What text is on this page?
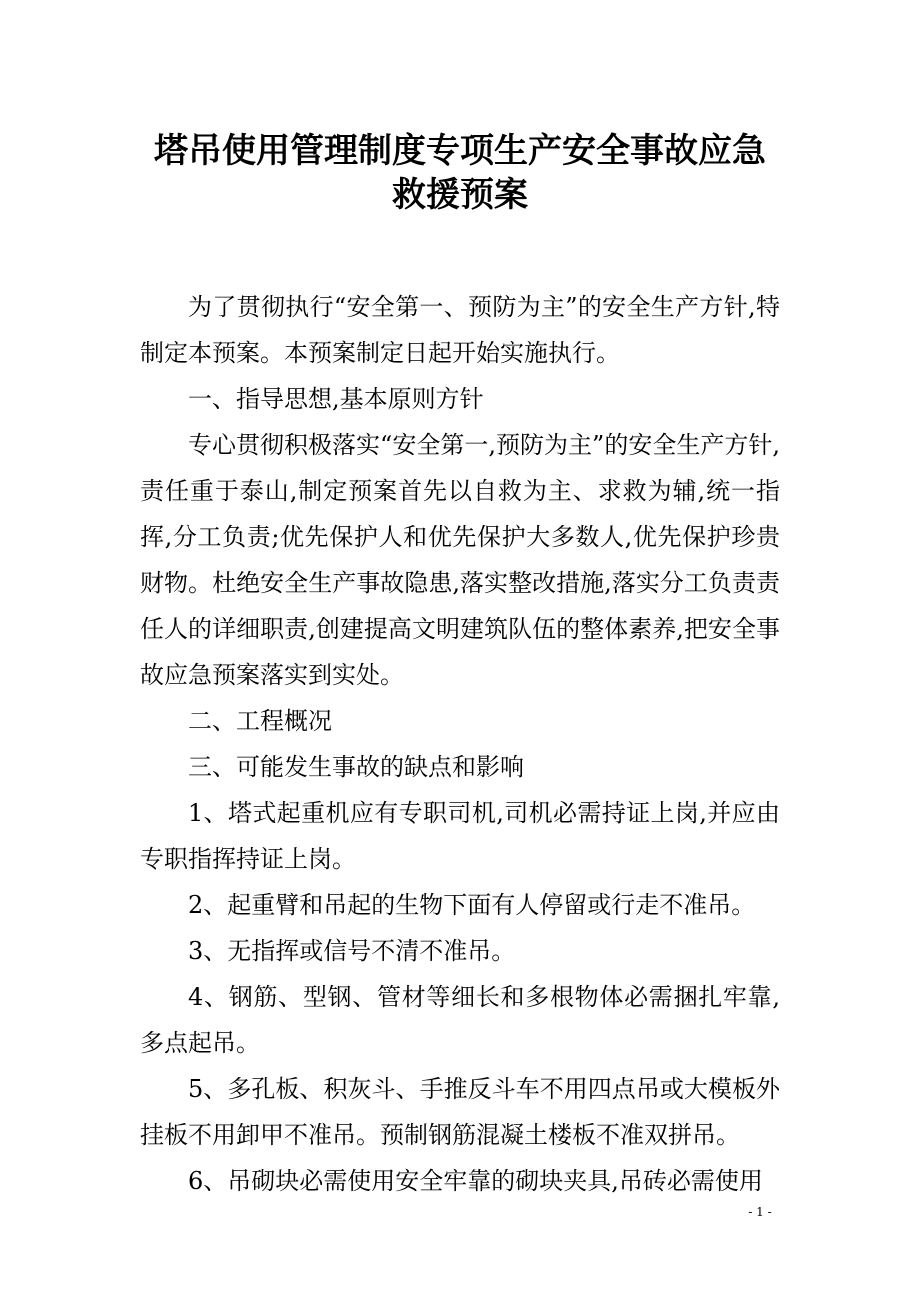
塔吊使用管理制度专项生产安全事故应急
救援预案

为了贯彻执行“安全第一、预防为主”的安全生产方针,特制定本预案。本预案制定日起开始实施执行。

一、指导思想,基本原则方针

专心贯彻积极落实“安全第一,预防为主”的安全生产方针,责任重于泰山,制定预案首先以自救为主、求救为辅,统一指挥,分工负责;优先保护人和优先保护大多数人,优先保护珍贵财物。杜绝安全生产事故隐患,落实整改措施,落实分工负责责任人的详细职责,创建提高文明建筑队伍的整体素养,把安全事故应急预案落实到实处。

二、工程概况

三、可能发生事故的缺点和影响

1、塔式起重机应有专职司机,司机必需持证上岗,并应由专职指挥持证上岗。

2、起重臂和吊起的生物下面有人停留或行走不准吊。

3、无指挥或信号不清不准吊。

4、钢筋、型钢、管材等细长和多根物体必需捆扎牢靠,多点起吊。

5、多孔板、积灰斗、手推反斗车不用四点吊或大模板外挂板不用卸甲不准吊。预制钢筋混凝土楼板不准双拼吊。

6、吊砌块必需使用安全牢靠的砌块夹具,吊砖必需使用

- 1 -
